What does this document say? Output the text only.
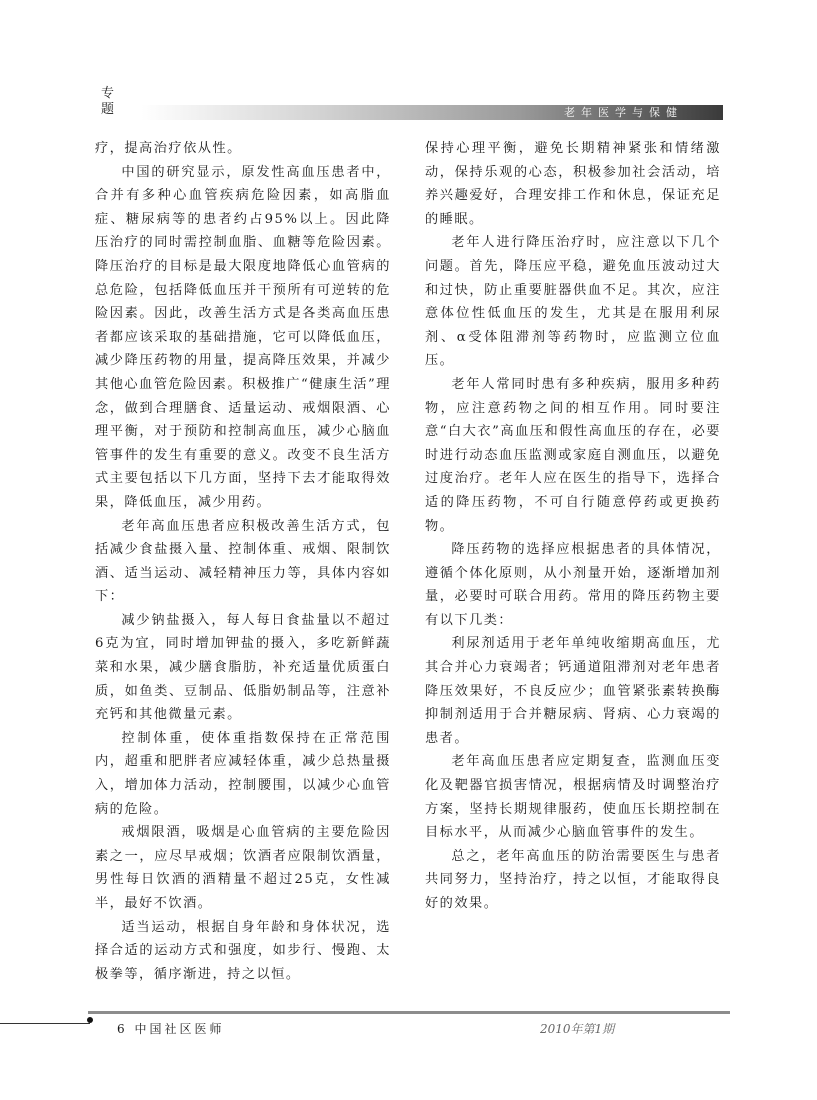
专题	老年医学与保健

疗，提高治疗依从性。

中国的研究显示，原发性高血压患者中，合并有多种心血管疾病危险因素，如高脂血症、糖尿病等的患者约占95%以上。因此降压治疗的同时需控制血脂、血糖等危险因素。降压治疗的目标是最大限度地降低心血管病的总危险，包括降低血压并干预所有可逆转的危险因素。因此，改善生活方式是各类高血压患者都应该采取的基础措施，它可以降低血压，减少降压药物的用量，提高降压效果，并减少其他心血管危险因素。积极推广“健康生活”理念，做到合理膳食、适量运动、戒烟限酒、心理平衡，对于预防和控制高血压，减少心脑血管事件的发生有重要的意义。改变不良生活方式主要包括以下几方面，坚持下去才能取得效果，降低血压，减少用药。

老年高血压患者应积极改善生活方式，包括减少食盐摄入量、控制体重、戒烟、限制饮酒、适当运动、减轻精神压力等，具体内容如下：

减少钠盐摄入，每人每日食盐量以不超过6克为宜，同时增加钾盐的摄入，多吃新鲜蔬菜和水果，减少膳食脂肪，补充适量优质蛋白质，如鱼类、豆制品、低脂奶制品等，注意补充钙和其他微量元素。

控制体重，使体重指数保持在正常范围内，超重和肥胖者应减轻体重，减少总热量摄入，增加体力活动，控制腰围，以减少心血管病的危险。

戒烟限酒，吸烟是心血管病的主要危险因素之一，应尽早戒烟；饮酒者应限制饮酒量，男性每日饮酒的酒精量不超过25克，女性减半，最好不饮酒。

适当运动，根据自身年龄和身体状况，选择合适的运动方式和强度，如步行、慢跑、太极拳等，循序渐进，持之以恒。

保持心理平衡，避免长期精神紧张和情绪激动，保持乐观的心态，积极参加社会活动，培养兴趣爱好，合理安排工作和休息，保证充足的睡眠。

老年人进行降压治疗时，应注意以下几个问题。首先，降压应平稳，避免血压波动过大和过快，防止重要脏器供血不足。其次，应注意体位性低血压的发生，尤其是在服用利尿剂、α受体阻滞剂等药物时，应监测立位血压。

老年人常同时患有多种疾病，服用多种药物，应注意药物之间的相互作用。同时要注意“白大衣”高血压和假性高血压的存在，必要时进行动态血压监测或家庭自测血压，以避免过度治疗。老年人应在医生的指导下，选择合适的降压药物，不可自行随意停药或更换药物。

降压药物的选择应根据患者的具体情况，遵循个体化原则，从小剂量开始，逐渐增加剂量，必要时可联合用药。常用的降压药物主要有以下几类：

利尿剂适用于老年单纯收缩期高血压，尤其合并心力衰竭者；钙通道阻滞剂对老年患者降压效果好，不良反应少；血管紧张素转换酶抑制剂适用于合并糖尿病、肾病、心力衰竭的患者。

老年高血压患者应定期复查，监测血压变化及靶器官损害情况，根据病情及时调整治疗方案，坚持长期规律服药，使血压长期控制在目标水平，从而减少心脑血管事件的发生。

总之，老年高血压的防治需要医生与患者共同努力，坚持治疗，持之以恒，才能取得良好的效果。

6 中国社区医师	2010年第1期
